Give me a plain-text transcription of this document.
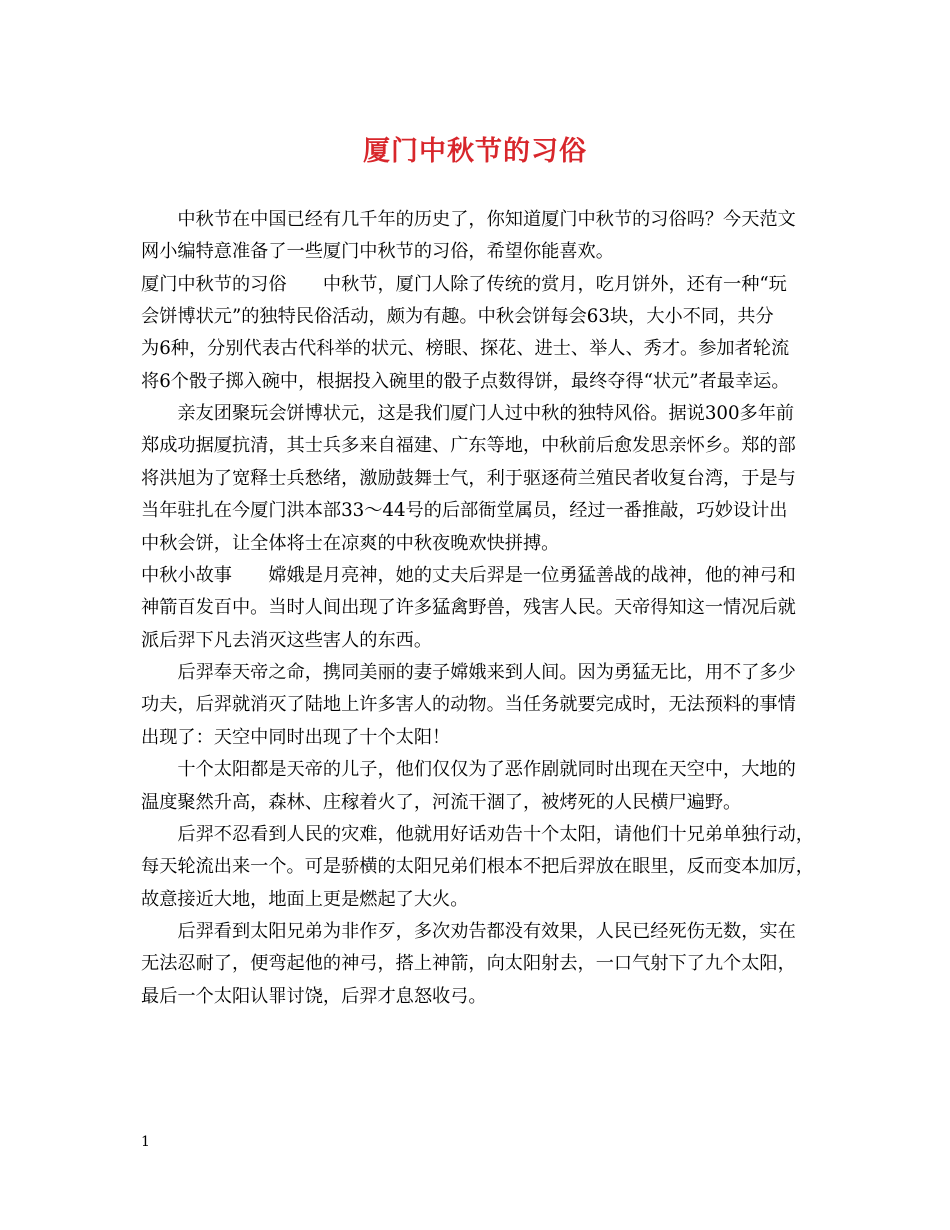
厦门中秋节的习俗
　　中秋节在中国已经有几千年的历史了，你知道厦门中秋节的习俗吗？今天范文
网小编特意准备了一些厦门中秋节的习俗，希望你能喜欢。
厦门中秋节的习俗　　中秋节，厦门人除了传统的赏月，吃月饼外，还有一种“玩
会饼博状元”的独特民俗活动，颇为有趣。中秋会饼每会63块，大小不同，共分
为6种，分别代表古代科举的状元、榜眼、探花、进士、举人、秀才。参加者轮流
将6个骰子掷入碗中，根据投入碗里的骰子点数得饼，最终夺得“状元”者最幸运。
　　亲友团聚玩会饼博状元，这是我们厦门人过中秋的独特风俗。据说300多年前
郑成功据厦抗清，其士兵多来自福建、广东等地，中秋前后愈发思亲怀乡。郑的部
将洪旭为了宽释士兵愁绪，激励鼓舞士气，利于驱逐荷兰殖民者收复台湾，于是与
当年驻扎在今厦门洪本部33～44号的后部衙堂属员，经过一番推敲，巧妙设计出
中秋会饼，让全体将士在凉爽的中秋夜晚欢快拼搏。
中秋小故事　　嫦娥是月亮神，她的丈夫后羿是一位勇猛善战的战神，他的神弓和
神箭百发百中。当时人间出现了许多猛禽野兽，残害人民。天帝得知这一情况后就
派后羿下凡去消灭这些害人的东西。
　　后羿奉天帝之命，携同美丽的妻子嫦娥来到人间。因为勇猛无比，用不了多少
功夫，后羿就消灭了陆地上许多害人的动物。当任务就要完成时，无法预料的事情
出现了：天空中同时出现了十个太阳！
　　十个太阳都是天帝的儿子，他们仅仅为了恶作剧就同时出现在天空中，大地的
温度聚然升高，森林、庄稼着火了，河流干涸了，被烤死的人民横尸遍野。
　　后羿不忍看到人民的灾难，他就用好话劝告十个太阳，请他们十兄弟单独行动，
每天轮流出来一个。可是骄横的太阳兄弟们根本不把后羿放在眼里，反而变本加厉，
故意接近大地，地面上更是燃起了大火。
　　后羿看到太阳兄弟为非作歹，多次劝告都没有效果，人民已经死伤无数，实在
无法忍耐了，便弯起他的神弓，搭上神箭，向太阳射去，一口气射下了九个太阳，
最后一个太阳认罪讨饶，后羿才息怒收弓。
1
